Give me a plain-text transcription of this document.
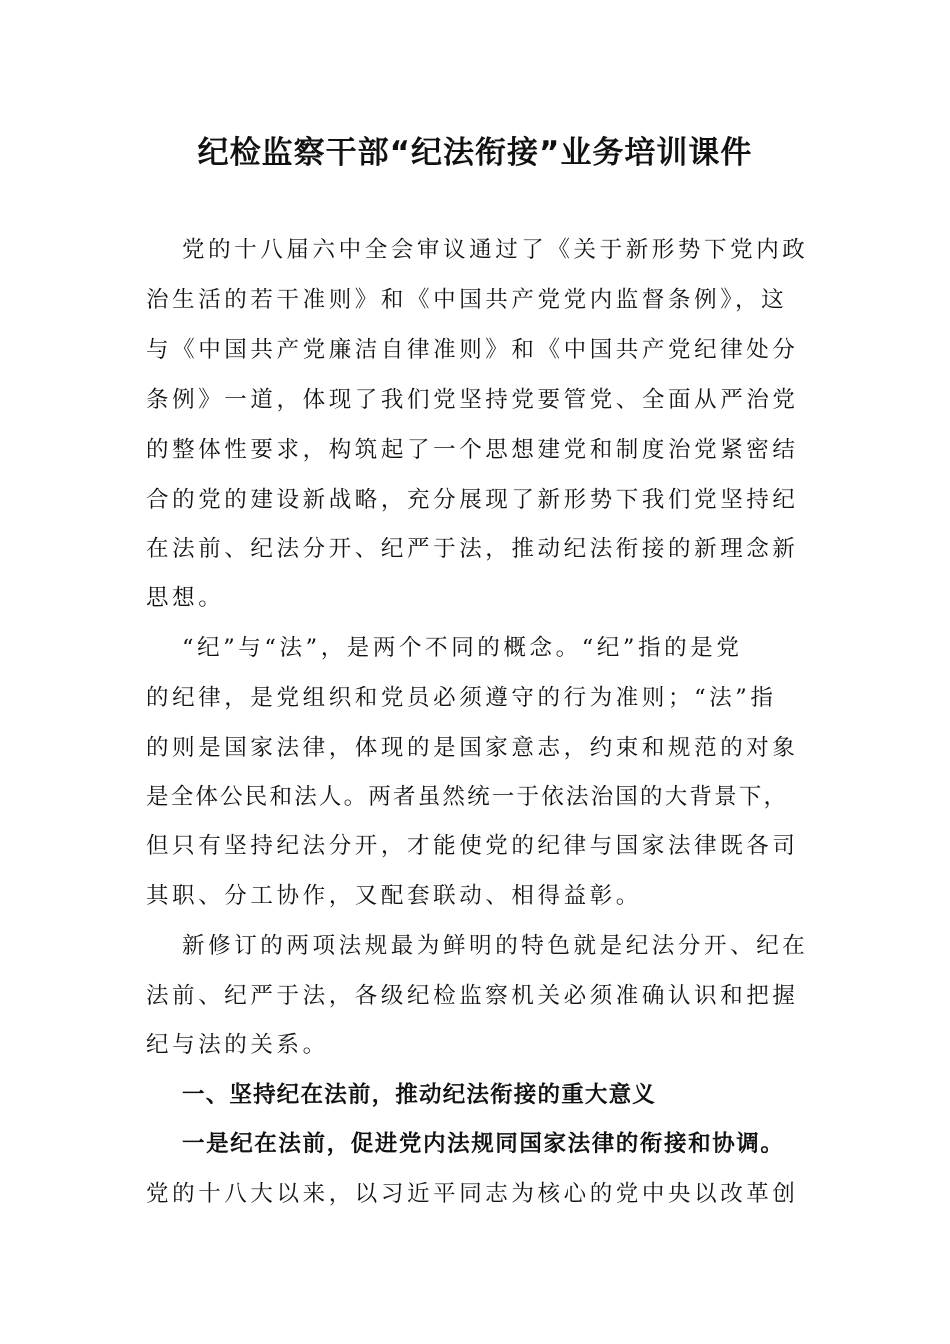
纪检监察干部“纪法衔接”业务培训课件
党的十八届六中全会审议通过了《关于新形势下党内政
治生活的若干准则》和《中国共产党党内监督条例》，这
与《中国共产党廉洁自律准则》和《中国共产党纪律处分
条例》一道，体现了我们党坚持党要管党、全面从严治党
的整体性要求，构筑起了一个思想建党和制度治党紧密结
合的党的建设新战略，充分展现了新形势下我们党坚持纪
在法前、纪法分开、纪严于法，推动纪法衔接的新理念新
思想。
“纪”与“法”，是两个不同的概念。“纪”指的是党
的纪律，是党组织和党员必须遵守的行为准则；“法”指
的则是国家法律，体现的是国家意志，约束和规范的对象
是全体公民和法人。两者虽然统一于依法治国的大背景下，
但只有坚持纪法分开，才能使党的纪律与国家法律既各司
其职、分工协作，又配套联动、相得益彰。
新修订的两项法规最为鲜明的特色就是纪法分开、纪在
法前、纪严于法，各级纪检监察机关必须准确认识和把握
纪与法的关系。
一、坚持纪在法前，推动纪法衔接的重大意义
一是纪在法前，促进党内法规同国家法律的衔接和协调。
党的十八大以来，以习近平同志为核心的党中央以改革创
